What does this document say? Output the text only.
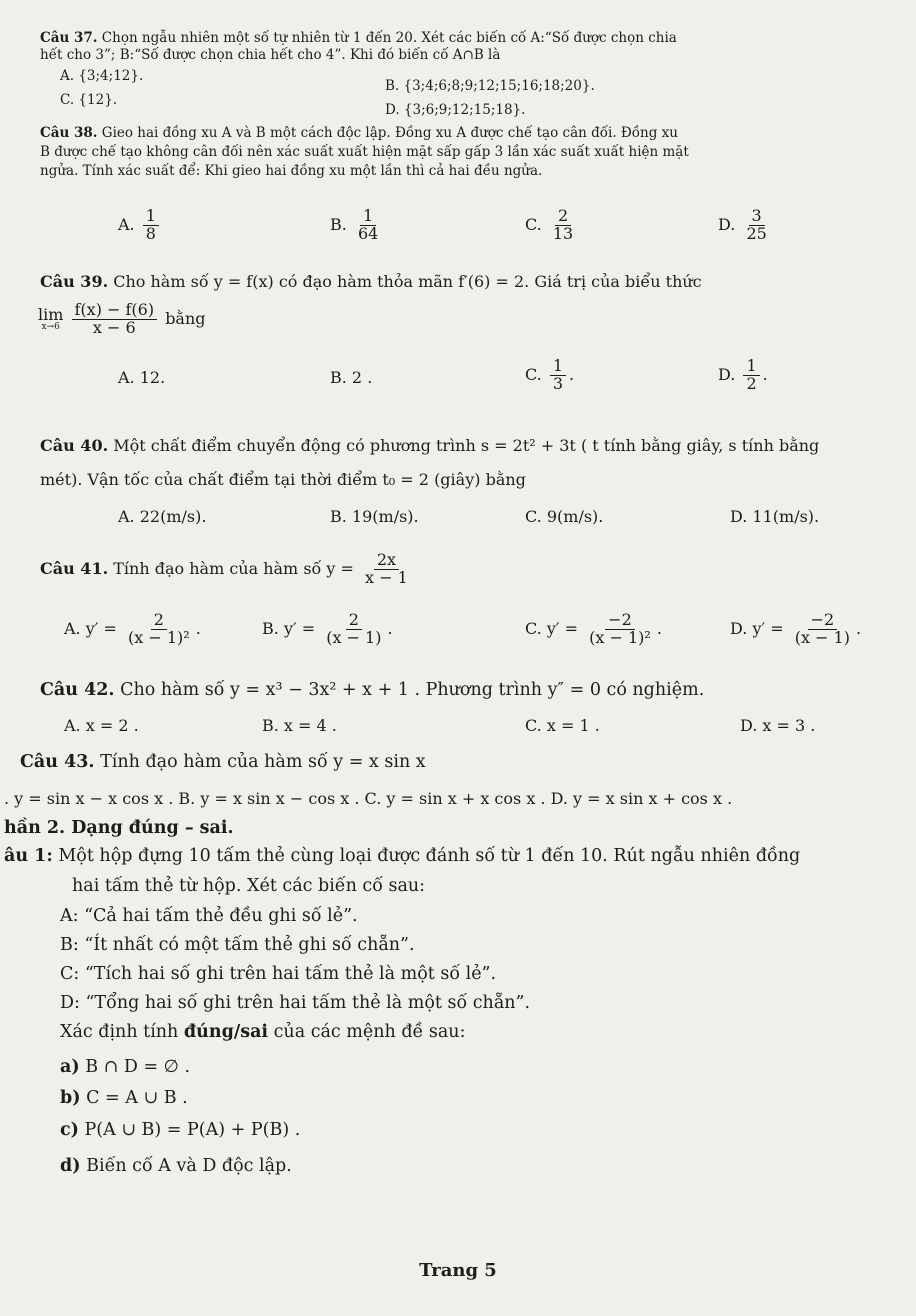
Câu 37. Chọn ngẫu nhiên một số tự nhiên từ 1 đến 20. Xét các biến cố A:“Số được chọn chia
hết cho 3”; B:“Số được chọn chia hết cho 4”. Khi đó biến cố A∩B là
A. {3;4;12}.
B. {3;4;6;8;9;12;15;16;18;20}.
C. {12}.
D. {3;6;9;12;15;18}.
Câu 38. Gieo hai đồng xu A và B một cách độc lập. Đồng xu A được chế tạo cân đối. Đồng xu
B được chế tạo không cân đối nên xác suất xuất hiện mặt sấp gấp 3 lần xác suất xuất hiện mặt
ngửa. Tính xác suất để: Khi gieo hai đồng xu một lần thì cả hai đều ngửa.
A. $\frac{1}{8}$	B. $\frac{1}{64}$	C. $\frac{2}{13}$	D. $\frac{3}{25}$
Câu 39. Cho hàm số y = f(x) có đạo hàm thỏa mãn f′(6) = 2. Giá trị của biểu thức
lim
x→6
$\frac{f(x) - f(6)}{x - 6}$ bằng
A. 12.	B. 2 .	C. $\frac{1}{3}$ .	D. $\frac{1}{2}$ .
Câu 40. Một chất điểm chuyển động có phương trình s = 2t² + 3t ( t tính bằng giây, s tính bằng
mét). Vận tốc của chất điểm tại thời điểm t₀ = 2 (giây) bằng
A. 22(m/s).	B. 19(m/s).	C. 9(m/s).	D. 11(m/s).
Câu 41. Tính đạo hàm của hàm số $y = \frac{2x}{x - 1}$
A. $y' = \frac{2}{\text{(x − 1)²}}$ .	B. $y' = \frac{2}{(x - 1)}$ .	C. $y' = \frac{-2}{\text{(x − 1)²}}$ .	D. $y' = \frac{-2}{(x - 1)}$ .
Câu 42. Cho hàm số y = x³ − 3x² + x + 1 . Phương trình y″ = 0 có nghiệm.
A. x = 2 .	B. x = 4 .	C. x = 1 .	D. x = 3 .
Câu 43. Tính đạo hàm của hàm số y = x sin x
. y = sin x − x cos x . B. y = x sin x − cos x . C. y = sin x + x cos x . D. y = x sin x + cos x .
hần 2. Dạng đúng – sai.
âu 1: Một hộp đựng 10 tấm thẻ cùng loại được đánh số từ 1 đến 10. Rút ngẫu nhiên đồng
hai tấm thẻ từ hộp. Xét các biến cố sau:
A: “Cả hai tấm thẻ đều ghi số lẻ”.
B: “Ít nhất có một tấm thẻ ghi số chẵn”.
C: “Tích hai số ghi trên hai tấm thẻ là một số lẻ”.
D: “Tổng hai số ghi trên hai tấm thẻ là một số chẵn”.
Xác định tính đúng/sai của các mệnh đề sau:
a) B ∩ D = ∅ .
b) C = A ∪ B .
c) P(A ∪ B) = P(A) + P(B) .
d) Biến cố A và D độc lập.
Trang 5
